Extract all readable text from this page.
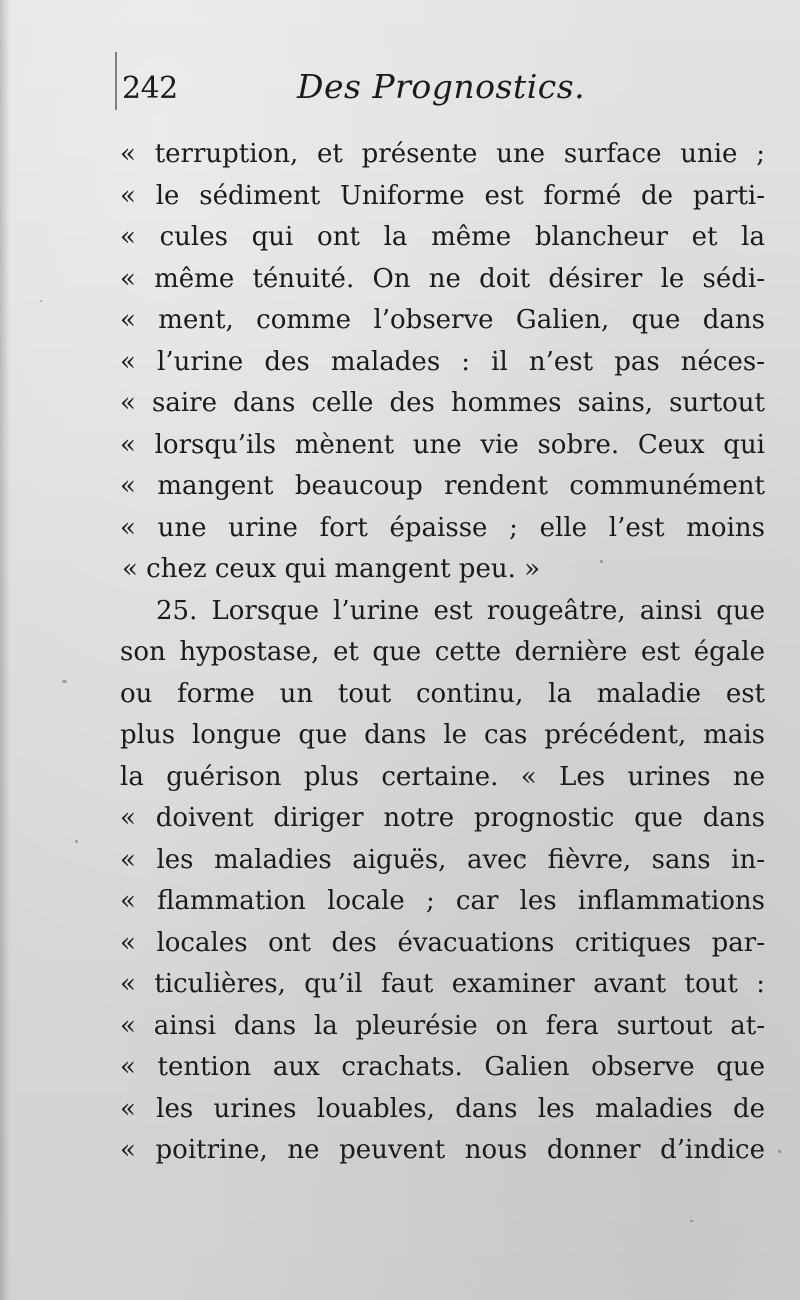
242	Des Prognostics.
« terruption, et présente une surface unie ;
« le sédiment Uniforme est formé de parti-
« cules qui ont la même blancheur et la
« même ténuité. On ne doit désirer le sédi-
« ment, comme l’observe Galien, que dans
« l’urine des malades : il n’est pas néces-
« saire dans celle des hommes sains, surtout
« lorsqu’ils mènent une vie sobre. Ceux qui
« mangent beaucoup rendent communément
« une urine fort épaisse ; elle l’est moins
« chez ceux qui mangent peu. »
25. Lorsque l’urine est rougeâtre, ainsi que
son hypostase, et que cette dernière est égale
ou forme un tout continu, la maladie est
plus longue que dans le cas précédent, mais
la guérison plus certaine. « Les urines ne
« doivent diriger notre prognostic que dans
« les maladies aiguës, avec fièvre, sans in-
« flammation locale ; car les inflammations
« locales ont des évacuations critiques par-
« ticulières, qu’il faut examiner avant tout :
« ainsi dans la pleurésie on fera surtout at-
« tention aux crachats. Galien observe que
« les urines louables, dans les maladies de
« poitrine, ne peuvent nous donner d’indice
